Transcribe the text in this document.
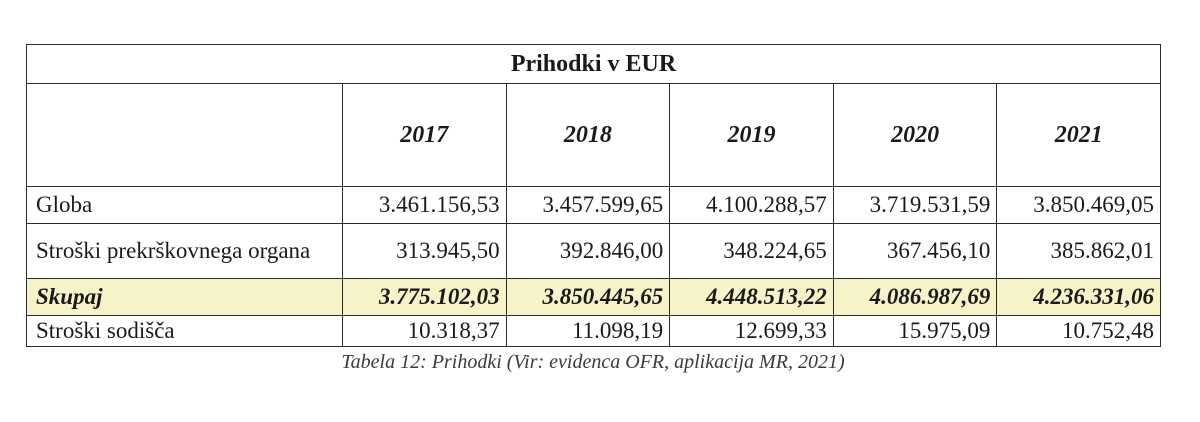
Prihodki v EUR					
	2017	2018	2019	2020	2021
Globa	3.461.156,53	3.457.599,65	4.100.288,57	3.719.531,59	3.850.469,05
Stroški prekrškovnega organa	313.945,50	392.846,00	348.224,65	367.456,10	385.862,01
Skupaj	3.775.102,03	3.850.445,65	4.448.513,22	4.086.987,69	4.236.331,06
Stroški sodišča	10.318,37	11.098,19	12.699,33	15.975,09	10.752,48
Tabela 12: Prihodki (Vir: evidenca OFR, aplikacija MR, 2021)
